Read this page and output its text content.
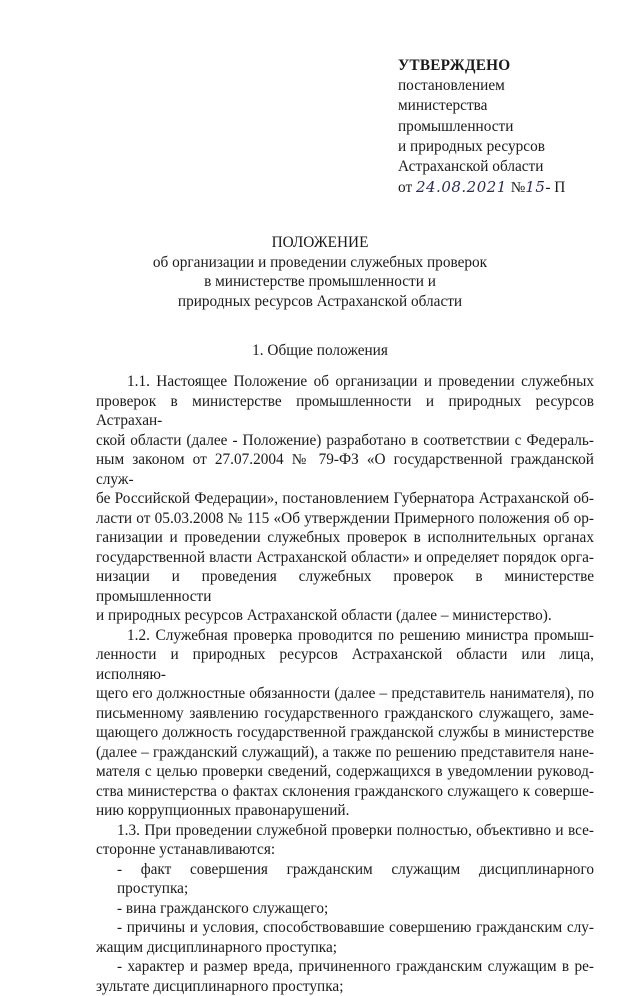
УТВЕРЖДЕНО
постановлением
министерства
промышленности
и природных ресурсов
Астраханской области
от 24.08.2021 №15- П
ПОЛОЖЕНИЕ
об организации и проведении служебных проверок
в министерстве промышленности и
природных ресурсов Астраханской области
1. Общие положения
1.1. Настоящее Положение об организации и проведении служебных
проверок в министерстве промышленности и природных ресурсов Астрахан-
ской области (далее - Положение) разработано в соответствии с Федераль-
ным законом от 27.07.2004 № 79-ФЗ «О государственной гражданской служ-
бе Российской Федерации», постановлением Губернатора Астраханской об-
ласти от 05.03.2008 № 115 «Об утверждении Примерного положения об ор-
ганизации и проведении служебных проверок в исполнительных органах
государственной власти Астраханской области» и определяет порядок орга-
низации и проведения служебных проверок в министерстве промышленности
и природных ресурсов Астраханской области (далее – министерство).
1.2. Служебная проверка проводится по решению министра промыш-
ленности и природных ресурсов Астраханской области или лица, исполняю-
щего его должностные обязанности (далее – представитель нанимателя), по
письменному заявлению государственного гражданского служащего, заме-
щающего должность государственной гражданской службы в министерстве
(далее – гражданский служащий), а также по решению представителя нане-
мателя с целью проверки сведений, содержащихся в уведомлении руковод-
ства министерства о фактах склонения гражданского служащего к соверше-
нию коррупционных правонарушений.
1.3. При проведении служебной проверки полностью, объективно и все-
сторонне устанавливаются:
- факт совершения гражданским служащим дисциплинарного проступка;
- вина гражданского служащего;
- причины и условия, способствовавшие совершению гражданским слу-
жащим дисциплинарного проступка;
- характер и размер вреда, причиненного гражданским служащим в ре-
зультате дисциплинарного проступка;
